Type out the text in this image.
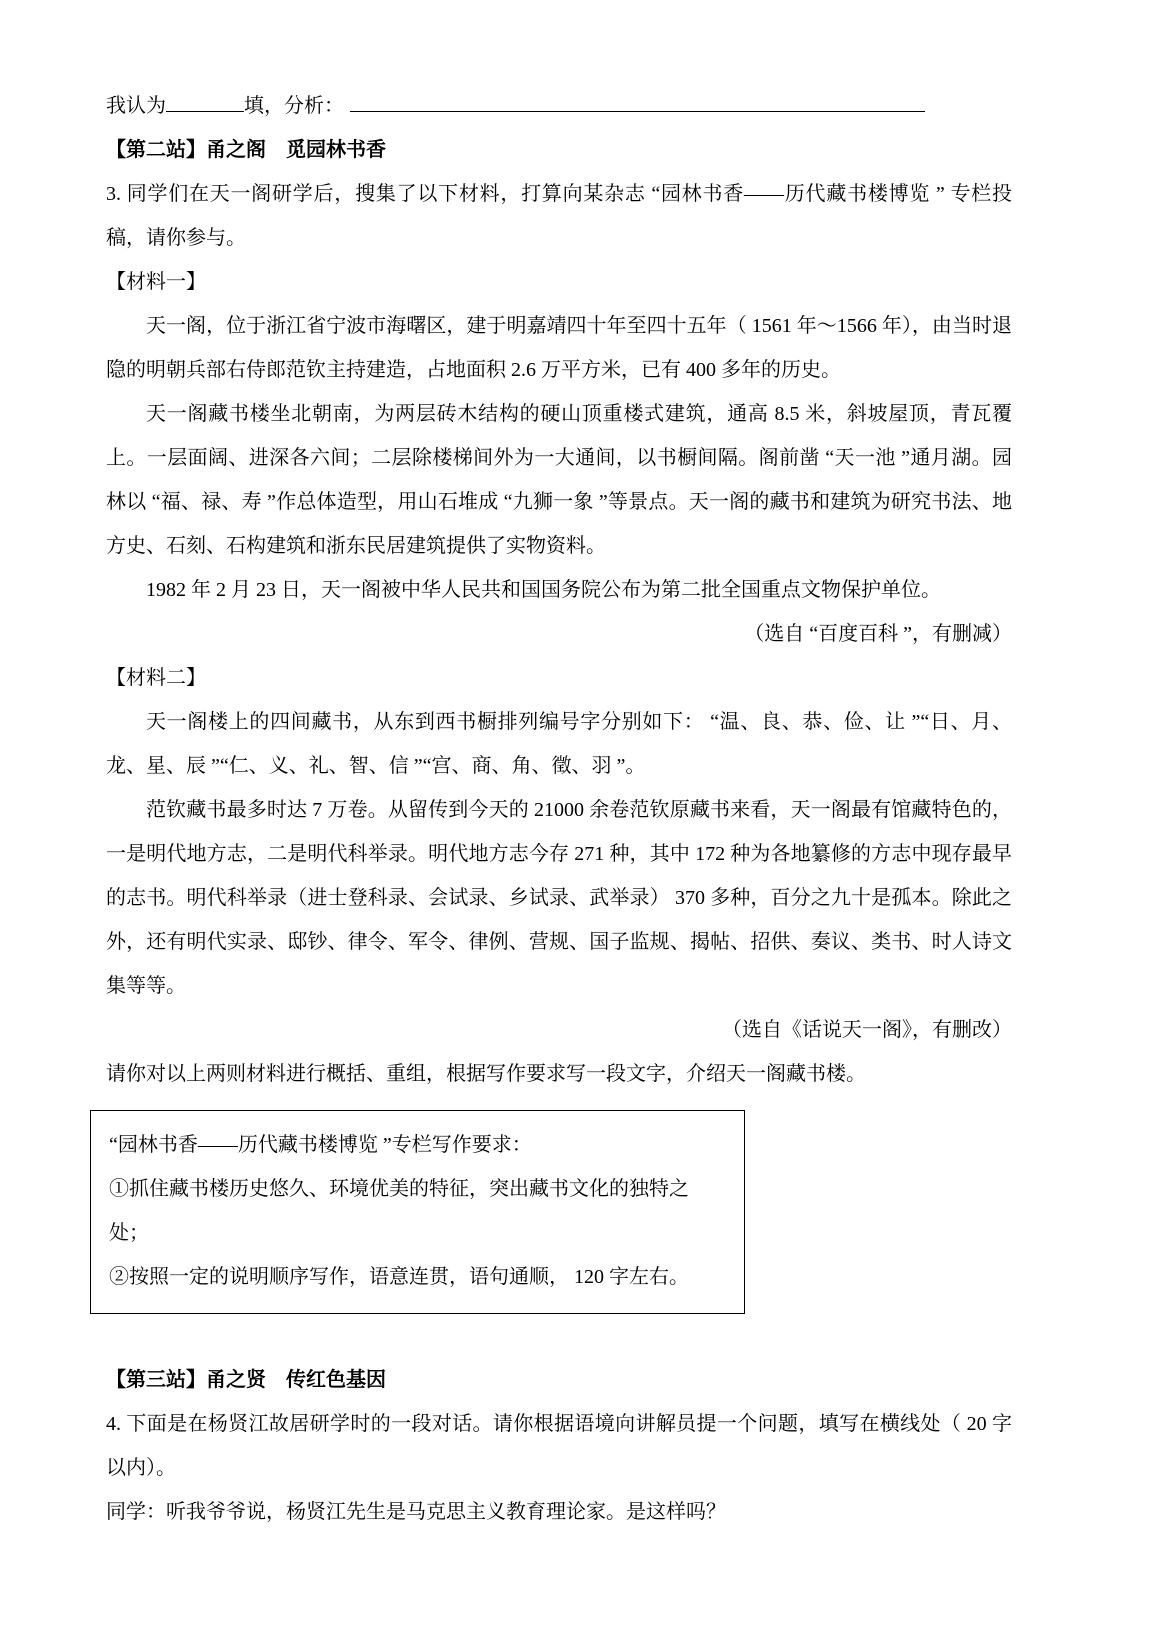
我认为	填，分析：

【第二站】甬之阁　觅园林书香

3. 同学们在天一阁研学后，搜集了以下材料，打算向某杂志 “园林书香——历代藏书楼博览 ” 专栏投稿，请你参与。

【材料一】

天一阁，位于浙江省宁波市海曙区，建于明嘉靖四十年至四十五年（ 1561 年～1566 年），由当时退隐的明朝兵部右侍郎范钦主持建造，占地面积 2.6 万平方米，已有 400 多年的历史。

天一阁藏书楼坐北朝南，为两层砖木结构的硬山顶重楼式建筑，通高 8.5 米，斜坡屋顶，青瓦覆上。一层面阔、进深各六间；二层除楼梯间外为一大通间，以书橱间隔。阁前凿 “天一池 ”通月湖。园林以 “福、禄、寿 ”作总体造型，用山石堆成 “九狮一象 ”等景点。天一阁的藏书和建筑为研究书法、地方史、石刻、石构建筑和浙东民居建筑提供了实物资料。

1982 年 2 月 23 日，天一阁被中华人民共和国国务院公布为第二批全国重点文物保护单位。

（选自 “百度百科 ”，有删减）

【材料二】

天一阁楼上的四间藏书，从东到西书橱排列编号字分别如下： “温、良、恭、俭、让 ”“日、月、龙、星、辰 ”“仁、义、礼、智、信 ”“宫、商、角、徵、羽 ”。

范钦藏书最多时达 7 万卷。从留传到今天的 21000 余卷范钦原藏书来看，天一阁最有馆藏特色的，一是明代地方志，二是明代科举录。明代地方志今存 271 种，其中 172 种为各地纂修的方志中现存最早的志书。明代科举录（进士登科录、会试录、乡试录、武举录） 370 多种，百分之九十是孤本。除此之外，还有明代实录、邸钞、律令、军令、律例、营规、国子监规、揭帖、招供、奏议、类书、时人诗文集等等。

（选自《话说天一阁》，有删改）

请你对以上两则材料进行概括、重组，根据写作要求写一段文字，介绍天一阁藏书楼。

“园林书香——历代藏书楼博览 ”专栏写作要求：

①抓住藏书楼历史悠久、环境优美的特征，突出藏书文化的独特之处；

②按照一定的说明顺序写作，语意连贯，语句通顺， 120 字左右。

【第三站】甬之贤　传红色基因

4. 下面是在杨贤江故居研学时的一段对话。请你根据语境向讲解员提一个问题，填写在横线处（ 20 字以内）。

同学：听我爷爷说，杨贤江先生是马克思主义教育理论家。是这样吗？
